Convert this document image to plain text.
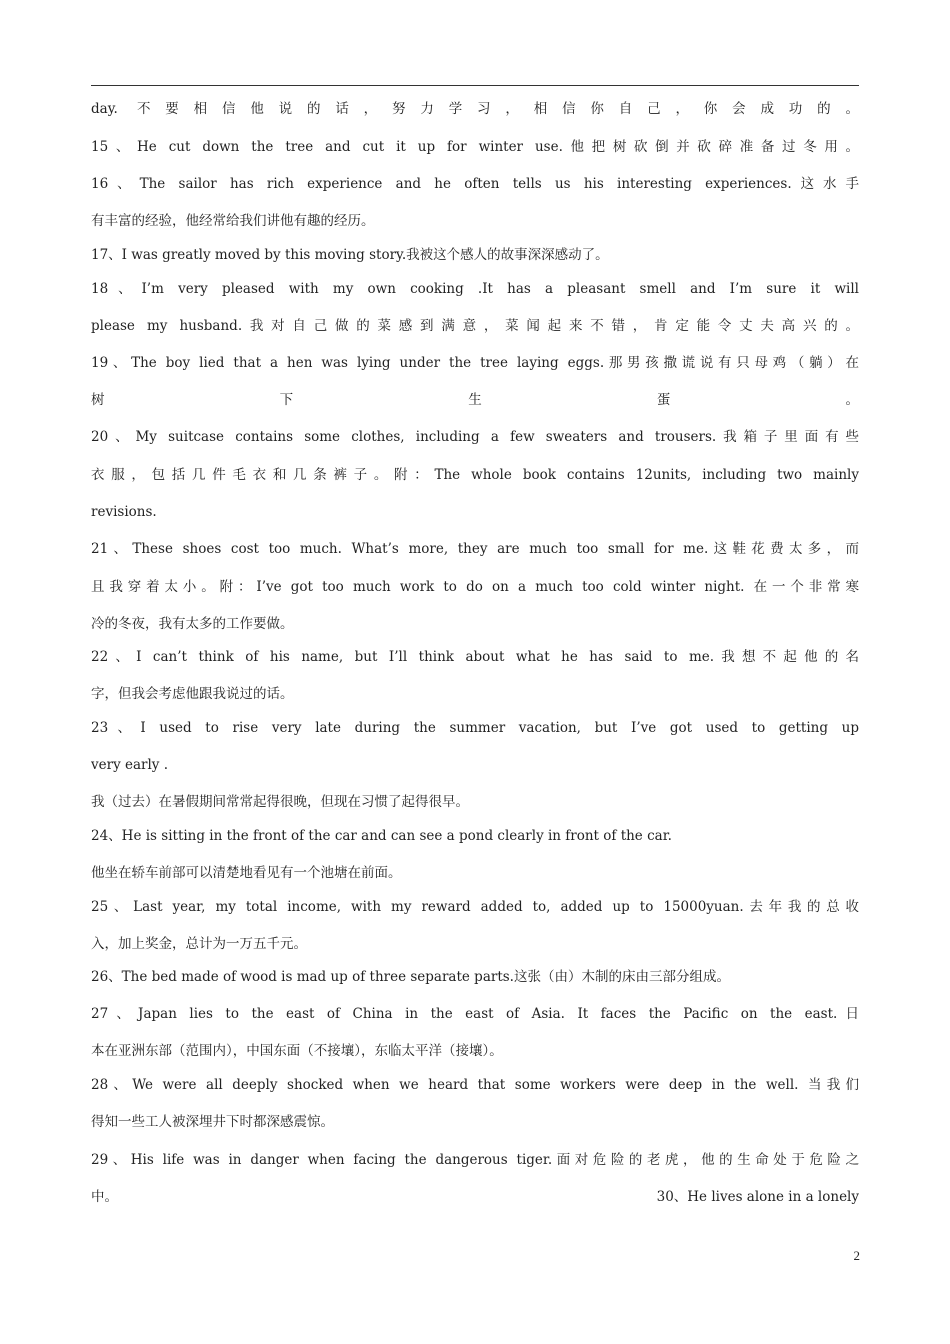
day. 不要相信他说的话，努力学习，相信你自己，你会成功的。
15、He cut down the tree and cut it up for winter use.他把树砍倒并砍碎准备过冬用。
16、The sailor has rich experience and he often tells us his interesting experiences.这水手
有丰富的经验，他经常给我们讲他有趣的经历。
17、I was greatly moved by this moving story.我被这个感人的故事深深感动了。
18、I’m very pleased with my own cooking .It has a pleasant smell and I’m sure it will
please my husband.我对自己做的菜感到满意，菜闻起来不错，肯定能令丈夫高兴的。
19、The boy lied that a hen was lying under the tree laying eggs.那男孩撒谎说有只母鸡（躺）在
树 下 生 蛋 。
20、My suitcase contains some clothes, including a few sweaters and trousers.我箱子里面有些
衣服，包括几件毛衣和几条裤子。附：The whole book contains 12units, including two mainly
revisions.
21、These shoes cost too much. What’s more, they are much too small for me.这鞋花费太多，而
且我穿着太小。附：I’ve got too much work to do on a much too cold winter night. 在一个非常寒
冷的冬夜，我有太多的工作要做。
22、I can’t think of his name, but I’ll think about what he has said to me.我想不起他的名
字，但我会考虑他跟我说过的话。
23、I used to rise very late during the summer vacation, but I’ve got used to getting up
very early .
我（过去）在暑假期间常常起得很晚，但现在习惯了起得很早。
24、He is sitting in the front of the car and can see a pond clearly in front of the car.
他坐在轿车前部可以清楚地看见有一个池塘在前面。
25、Last year, my total income, with my reward added to, added up to 15000yuan.去年我的总收
入，加上奖金，总计为一万五千元。
26、The bed made of wood is mad up of three separate parts.这张（由）木制的床由三部分组成。
27、Japan lies to the east of China in the east of Asia. It faces the Pacific on the east.日
本在亚洲东部（范围内），中国东面（不接壤），东临太平洋（接壤）。
28、We were all deeply shocked when we heard that some workers were deep in the well. 当我们
得知一些工人被深埋井下时都深感震惊。
29、His life was in danger when facing the dangerous tiger.面对危险的老虎，他的生命处于危险之
中。	30、He lives alone in a lonely
2
